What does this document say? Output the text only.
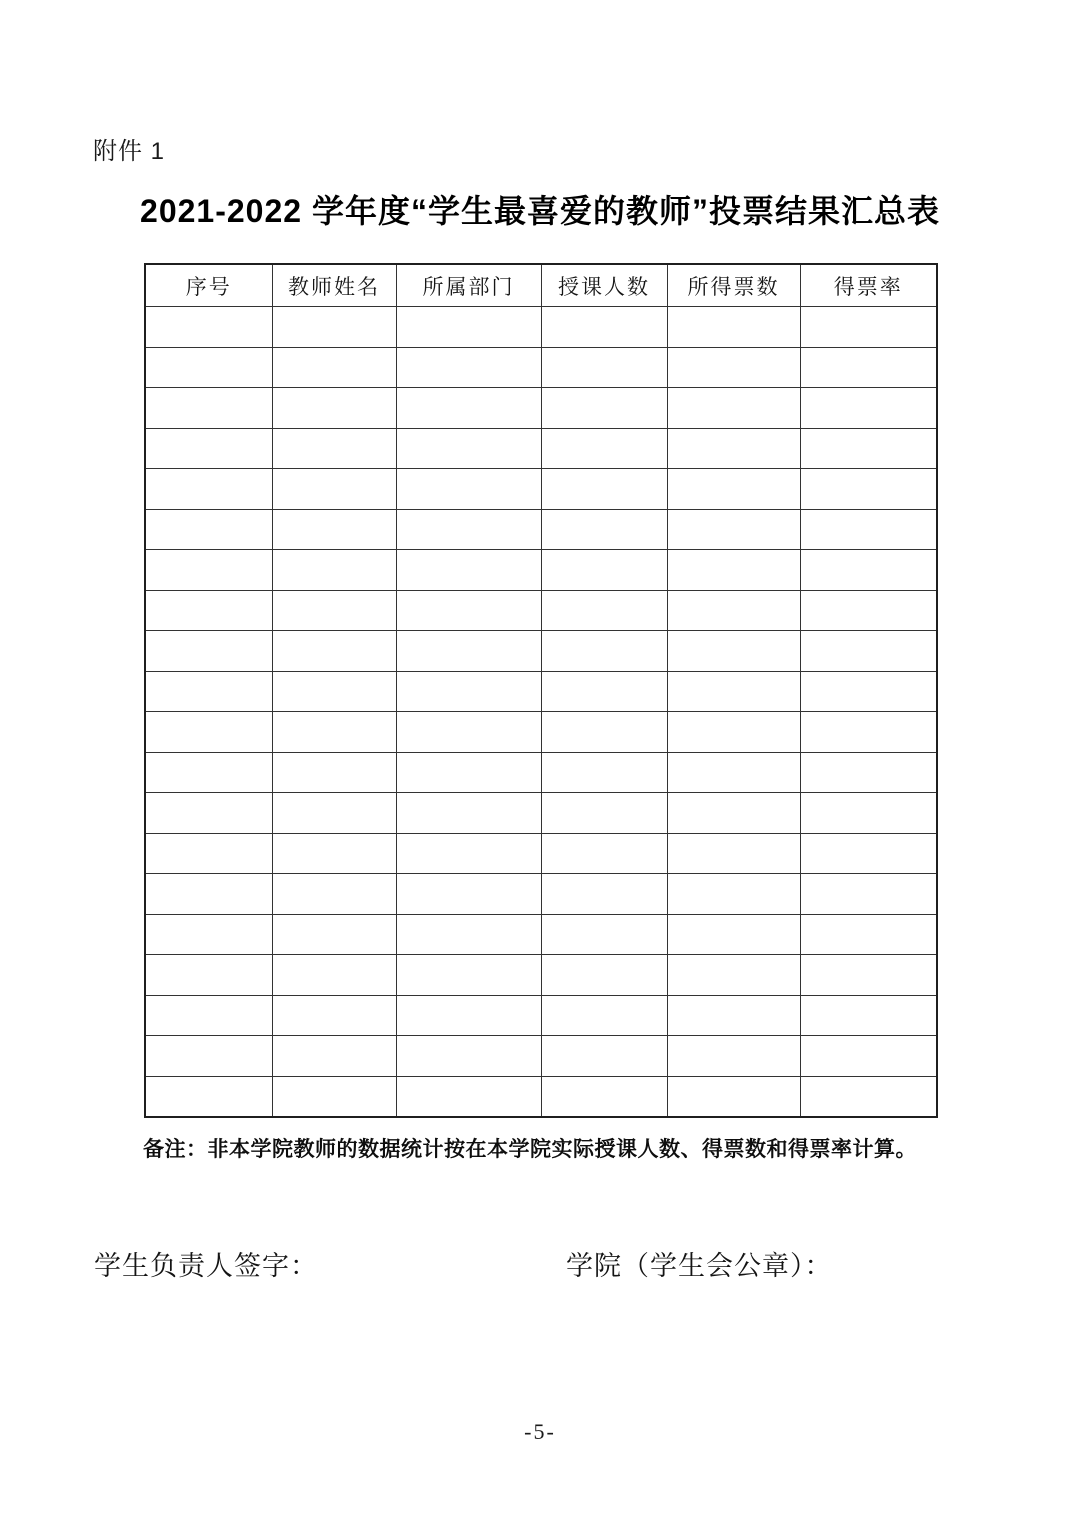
附件 1
2021-2022 学年度“学生最喜爱的教师”投票结果汇总表
序号	教师姓名	所属部门	授课人数	所得票数	得票率

备注：非本学院教师的数据统计按在本学院实际授课人数、得票数和得票率计算。
学生负责人签字：	学院（学生会公章）：
-5-
